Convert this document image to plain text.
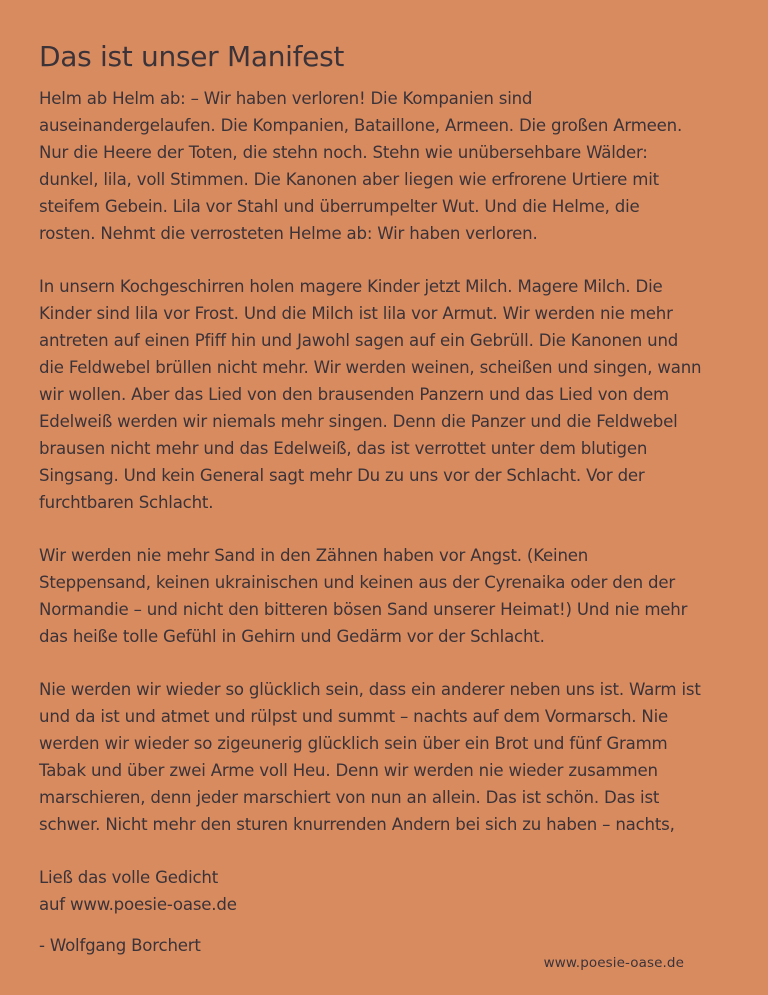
Das ist unser Manifest

Helm ab Helm ab: – Wir haben verloren! Die Kompanien sind
auseinandergelaufen. Die Kompanien, Bataillone, Armeen. Die großen Armeen.
Nur die Heere der Toten, die stehn noch. Stehn wie unübersehbare Wälder:
dunkel, lila, voll Stimmen. Die Kanonen aber liegen wie erfrorene Urtiere mit
steifem Gebein. Lila vor Stahl und überrumpelter Wut. Und die Helme, die
rosten. Nehmt die verrosteten Helme ab: Wir haben verloren.

In unsern Kochgeschirren holen magere Kinder jetzt Milch. Magere Milch. Die
Kinder sind lila vor Frost. Und die Milch ist lila vor Armut. Wir werden nie mehr
antreten auf einen Pfiff hin und Jawohl sagen auf ein Gebrüll. Die Kanonen und
die Feldwebel brüllen nicht mehr. Wir werden weinen, scheißen und singen, wann
wir wollen. Aber das Lied von den brausenden Panzern und das Lied von dem
Edelweiß werden wir niemals mehr singen. Denn die Panzer und die Feldwebel
brausen nicht mehr und das Edelweiß, das ist verrottet unter dem blutigen
Singsang. Und kein General sagt mehr Du zu uns vor der Schlacht. Vor der
furchtbaren Schlacht.

Wir werden nie mehr Sand in den Zähnen haben vor Angst. (Keinen
Steppensand, keinen ukrainischen und keinen aus der Cyrenaika oder den der
Normandie – und nicht den bitteren bösen Sand unserer Heimat!) Und nie mehr
das heiße tolle Gefühl in Gehirn und Gedärm vor der Schlacht.

Nie werden wir wieder so glücklich sein, dass ein anderer neben uns ist. Warm ist
und da ist und atmet und rülpst und summt – nachts auf dem Vormarsch. Nie
werden wir wieder so zigeunerig glücklich sein über ein Brot und fünf Gramm
Tabak und über zwei Arme voll Heu. Denn wir werden nie wieder zusammen
marschieren, denn jeder marschiert von nun an allein. Das ist schön. Das ist
schwer. Nicht mehr den sturen knurrenden Andern bei sich zu haben – nachts,

Ließ das volle Gedicht
auf www.poesie-oase.de
- Wolfgang Borchert
www.poesie-oase.de
